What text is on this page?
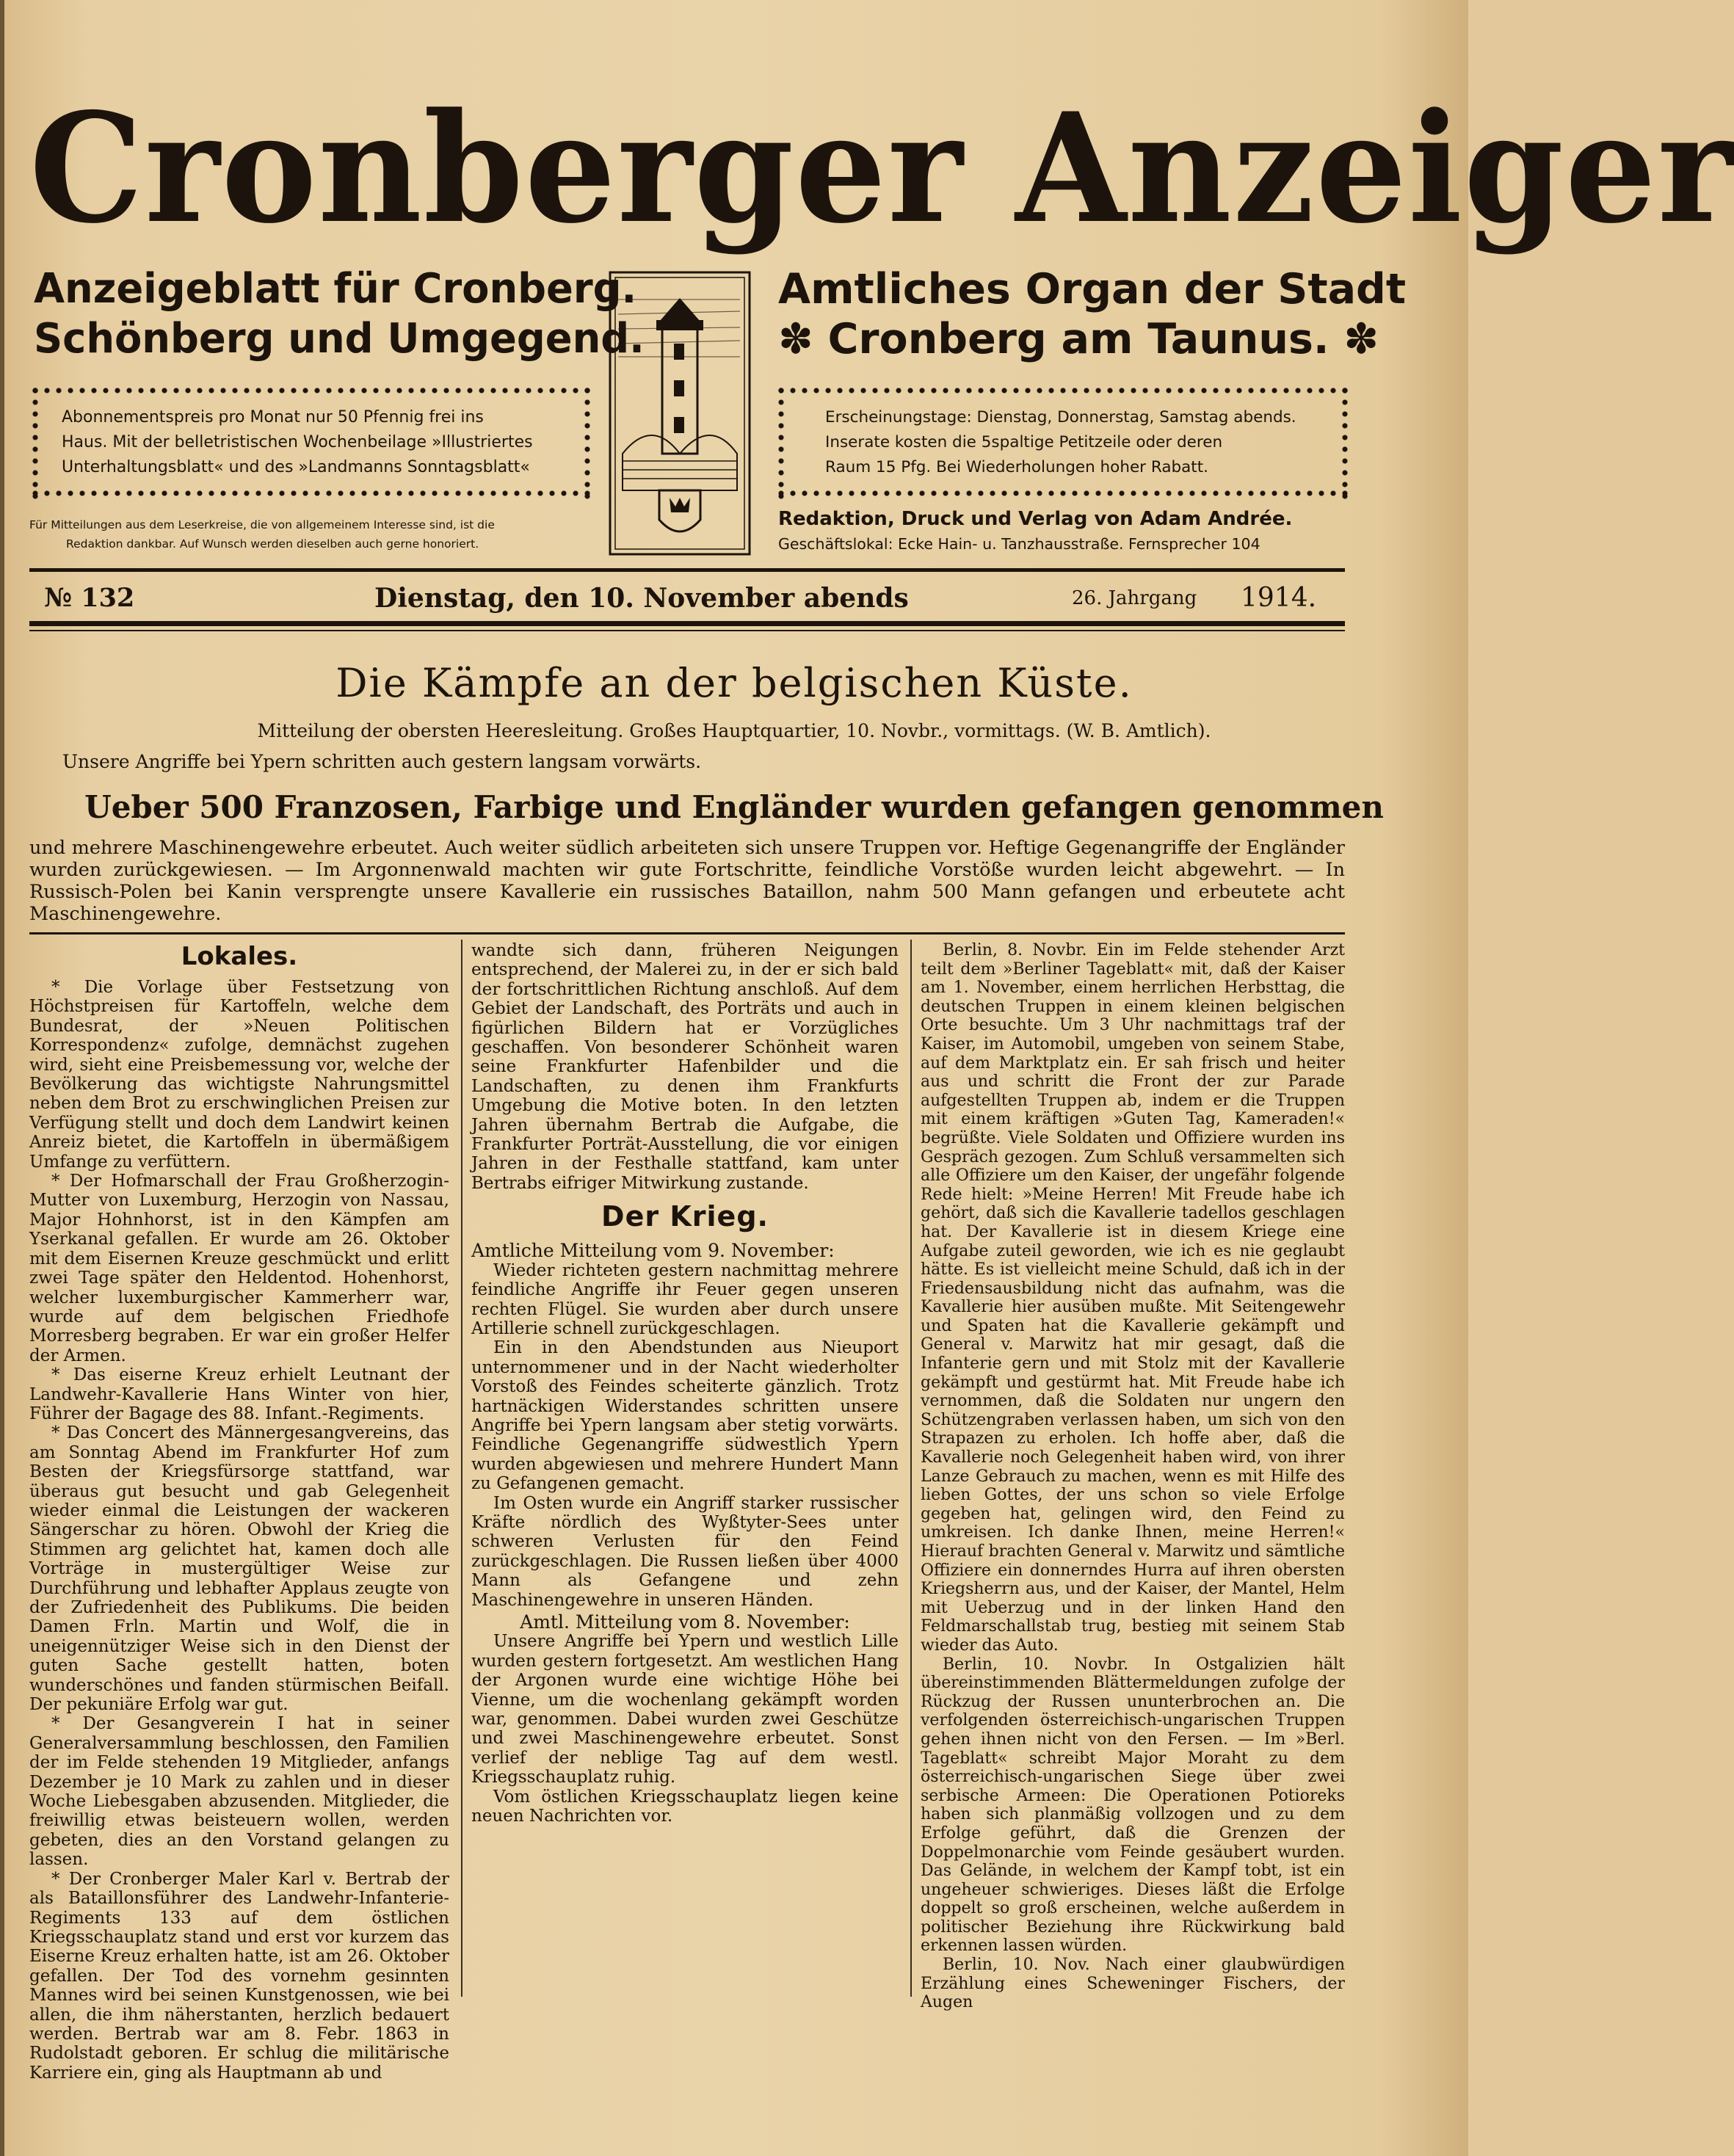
Cronberger Anzeiger
Anzeigeblatt für Cronberg.
Schönberg und Umgegend.
Amtliches Organ der Stadt
✽ Cronberg am Taunus. ✽
Abonnementspreis pro Monat nur 50 Pfennig frei ins
Haus. Mit der belletristischen Wochenbeilage »Illustriertes
Unterhaltungsblatt« und des »Landmanns Sonntagsblatt«
Für Mitteilungen aus dem Leserkreise, die von allgemeinem Interesse sind, ist die
Redaktion dankbar. Auf Wunsch werden dieselben auch gerne honoriert.
Erscheinungstage: Dienstag, Donnerstag, Samstag abends.
Inserate kosten die 5spaltige Petitzeile oder deren
Raum 15 Pfg. Bei Wiederholungen hoher Rabatt.
Redaktion, Druck und Verlag von Adam Andrée.
Geschäftslokal: Ecke Hain- u. Tanzhausstraße. Fernsprecher 104
№ 132	Dienstag, den 10. November abends	26. Jahrgang 1914.
Die Kämpfe an der belgischen Küste.
Mitteilung der obersten Heeresleitung. Großes Hauptquartier, 10. Novbr., vormittags. (W. B. Amtlich).
Unsere Angriffe bei Ypern schritten auch gestern langsam vorwärts.
Ueber 500 Franzosen, Farbige und Engländer wurden gefangen genommen

und mehrere Maschinengewehre erbeutet. Auch weiter südlich arbeiteten sich unsere Truppen vor. Heftige Gegenangriffe der Engländer wurden zurückgewiesen. — Im Argonnenwald machten wir gute Fortschritte, feindliche Vorstöße wurden leicht abgewehrt. — In Russisch-Polen bei Kanin versprengte unsere Kavallerie ein russisches Bataillon, nahm 500 Mann gefangen und erbeutete acht Maschinengewehre.

Lokales.

* Die Vorlage über Festsetzung von Höchstpreisen für Kartoffeln, welche dem Bundesrat, der »Neuen Politischen Korrespondenz« zufolge, demnächst zugehen wird, sieht eine Preisbemessung vor, welche der Bevölkerung das wichtigste Nahrungsmittel neben dem Brot zu erschwinglichen Preisen zur Verfügung stellt und doch dem Landwirt keinen Anreiz bietet, die Kartoffeln in übermäßigem Umfange zu verfüttern.

* Der Hofmarschall der Frau Großherzogin-Mutter von Luxemburg, Herzogin von Nassau, Major Hohnhorst, ist in den Kämpfen am Yserkanal gefallen. Er wurde am 26. Oktober mit dem Eisernen Kreuze geschmückt und erlitt zwei Tage später den Heldentod. Hohenhorst, welcher luxemburgischer Kammerherr war, wurde auf dem belgischen Friedhofe Morresberg begraben. Er war ein großer Helfer der Armen.

* Das eiserne Kreuz erhielt Leutnant der Landwehr-Kavallerie Hans Winter von hier, Führer der Bagage des 88. Infant.-Regiments.

* Das Concert des Männergesangvereins, das am Sonntag Abend im Frankfurter Hof zum Besten der Kriegsfürsorge stattfand, war überaus gut besucht und gab Gelegenheit wieder einmal die Leistungen der wackeren Sängerschar zu hören. Obwohl der Krieg die Stimmen arg gelichtet hat, kamen doch alle Vorträge in mustergültiger Weise zur Durchführung und lebhafter Applaus zeugte von der Zufriedenheit des Publikums. Die beiden Damen Frln. Martin und Wolf, die in uneigennütziger Weise sich in den Dienst der guten Sache gestellt hatten, boten wunderschönes und fanden stürmischen Beifall. Der pekuniäre Erfolg war gut.

* Der Gesangverein I hat in seiner Generalversammlung beschlossen, den Familien der im Felde stehenden 19 Mitglieder, anfangs Dezember je 10 Mark zu zahlen und in dieser Woche Liebesgaben abzusenden. Mitglieder, die freiwillig etwas beisteuern wollen, werden gebeten, dies an den Vorstand gelangen zu lassen.

* Der Cronberger Maler Karl v. Bertrab der als Bataillonsführer des Landwehr-Infanterie-Regiments 133 auf dem östlichen Kriegsschauplatz stand und erst vor kurzem das Eiserne Kreuz erhalten hatte, ist am 26. Oktober gefallen. Der Tod des vornehm gesinnten Mannes wird bei seinen Kunstgenossen, wie bei allen, die ihm näherstanten, herzlich bedauert werden. Bertrab war am 8. Febr. 1863 in Rudolstadt geboren. Er schlug die militärische Karriere ein, ging als Hauptmann ab und

wandte sich dann, früheren Neigungen entsprechend, der Malerei zu, in der er sich bald der fortschrittlichen Richtung anschloß. Auf dem Gebiet der Landschaft, des Porträts und auch in figürlichen Bildern hat er Vorzügliches geschaffen. Von besonderer Schönheit waren seine Frankfurter Hafenbilder und die Landschaften, zu denen ihm Frankfurts Umgebung die Motive boten. In den letzten Jahren übernahm Bertrab die Aufgabe, die Frankfurter Porträt-Ausstellung, die vor einigen Jahren in der Festhalle stattfand, kam unter Bertrabs eifriger Mitwirkung zustande.

Der Krieg.

Amtliche Mitteilung vom 9. November:

Wieder richteten gestern nachmittag mehrere feindliche Angriffe ihr Feuer gegen unseren rechten Flügel. Sie wurden aber durch unsere Artillerie schnell zurückgeschlagen.

Ein in den Abendstunden aus Nieuport unternommener und in der Nacht wiederholter Vorstoß des Feindes scheiterte gänzlich. Trotz hartnäckigen Widerstandes schritten unsere Angriffe bei Ypern langsam aber stetig vorwärts. Feindliche Gegenangriffe südwestlich Ypern wurden abgewiesen und mehrere Hundert Mann zu Gefangenen gemacht.

Im Osten wurde ein Angriff starker russischer Kräfte nördlich des Wyßtyter-Sees unter schweren Verlusten für den Feind zurückgeschlagen. Die Russen ließen über 4000 Mann als Gefangene und zehn Maschinengewehre in unseren Händen.

Amtl. Mitteilung vom 8. November:

Unsere Angriffe bei Ypern und westlich Lille wurden gestern fortgesetzt. Am westlichen Hang der Argonen wurde eine wichtige Höhe bei Vienne, um die wochenlang gekämpft worden war, genommen. Dabei wurden zwei Geschütze und zwei Maschinengewehre erbeutet. Sonst verlief der neblige Tag auf dem westl. Kriegsschauplatz ruhig.

Vom östlichen Kriegsschauplatz liegen keine neuen Nachrichten vor.

Berlin, 8. Novbr. Ein im Felde stehender Arzt teilt dem »Berliner Tageblatt« mit, daß der Kaiser am 1. November, einem herrlichen Herbsttag, die deutschen Truppen in einem kleinen belgischen Orte besuchte. Um 3 Uhr nachmittags traf der Kaiser, im Automobil, umgeben von seinem Stabe, auf dem Marktplatz ein. Er sah frisch und heiter aus und schritt die Front der zur Parade aufgestellten Truppen ab, indem er die Truppen mit einem kräftigen »Guten Tag, Kameraden!« begrüßte. Viele Soldaten und Offiziere wurden ins Gespräch gezogen. Zum Schluß versammelten sich alle Offiziere um den Kaiser, der ungefähr folgende Rede hielt: »Meine Herren! Mit Freude habe ich gehört, daß sich die Kavallerie tadellos geschlagen hat. Der Kavallerie ist in diesem Kriege eine Aufgabe zuteil geworden, wie ich es nie geglaubt hätte. Es ist vielleicht meine Schuld, daß ich in der Friedensausbildung nicht das aufnahm, was die Kavallerie hier ausüben mußte. Mit Seitengewehr und Spaten hat die Kavallerie gekämpft und General v. Marwitz hat mir gesagt, daß die Infanterie gern und mit Stolz mit der Kavallerie gekämpft und gestürmt hat. Mit Freude habe ich vernommen, daß die Soldaten nur ungern den Schützengraben verlassen haben, um sich von den Strapazen zu erholen. Ich hoffe aber, daß die Kavallerie noch Gelegenheit haben wird, von ihrer Lanze Gebrauch zu machen, wenn es mit Hilfe des lieben Gottes, der uns schon so viele Erfolge gegeben hat, gelingen wird, den Feind zu umkreisen. Ich danke Ihnen, meine Herren!« Hierauf brachten General v. Marwitz und sämtliche Offiziere ein donnerndes Hurra auf ihren obersten Kriegsherrn aus, und der Kaiser, der Mantel, Helm mit Ueberzug und in der linken Hand den Feldmarschallstab trug, bestieg mit seinem Stab wieder das Auto.

Berlin, 10. Novbr. In Ostgalizien hält übereinstimmenden Blättermeldungen zufolge der Rückzug der Russen ununterbrochen an. Die verfolgenden österreichisch-ungarischen Truppen gehen ihnen nicht von den Fersen. — Im »Berl. Tageblatt« schreibt Major Moraht zu dem österreichisch-ungarischen Siege über zwei serbische Armeen: Die Operationen Potioreks haben sich planmäßig vollzogen und zu dem Erfolge geführt, daß die Grenzen der Doppelmonarchie vom Feinde gesäubert wurden. Das Gelände, in welchem der Kampf tobt, ist ein ungeheuer schwieriges. Dieses läßt die Erfolge doppelt so groß erscheinen, welche außerdem in politischer Beziehung ihre Rückwirkung bald erkennen lassen würden.

Berlin, 10. Nov. Nach einer glaubwürdigen Erzählung eines Scheweninger Fischers, der Augen
